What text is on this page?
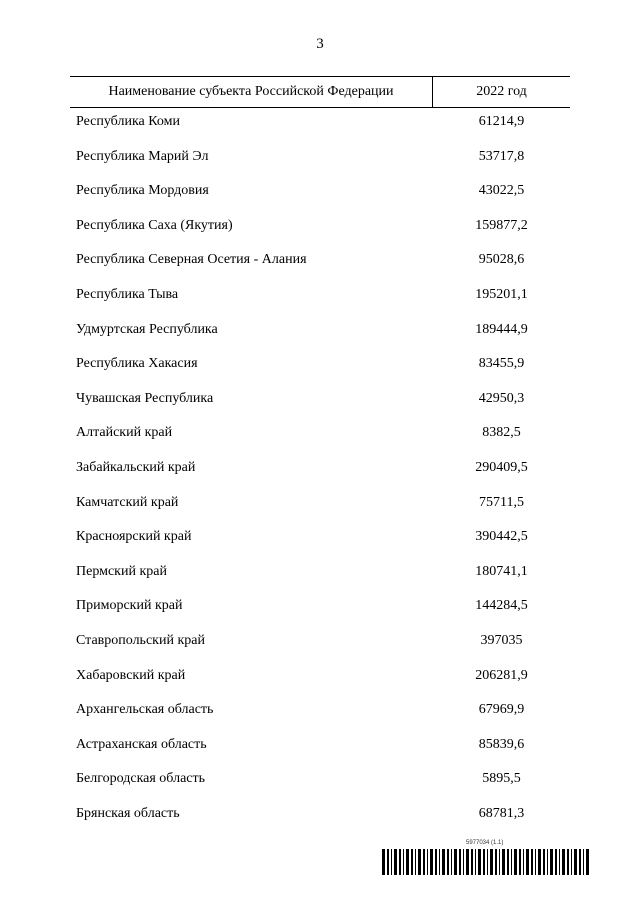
3
Наименование субъекта Российской Федерации	2022 год
Республика Коми	61214,9
Республика Марий Эл	53717,8
Республика Мордовия	43022,5
Республика Саха (Якутия)	159877,2
Республика Северная Осетия - Алания	95028,6
Республика Тыва	195201,1
Удмуртская Республика	189444,9
Республика Хакасия	83455,9
Чувашская Республика	42950,3
Алтайский край	8382,5
Забайкальский край	290409,5
Камчатский край	75711,5
Красноярский край	390442,5
Пермский край	180741,1
Приморский край	144284,5
Ставропольский край	397035
Хабаровский край	206281,9
Архангельская область	67969,9
Астраханская область	85839,6
Белгородская область	5895,5
Брянская область	68781,3
5977034 (1.1)
